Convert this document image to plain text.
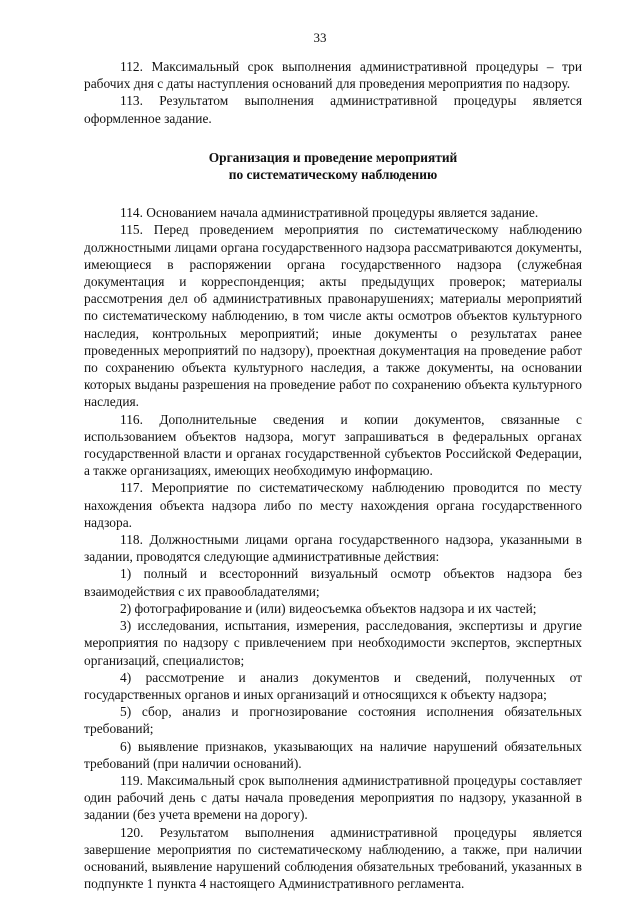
33

112. Максимальный срок выполнения административной процедуры – три рабочих дня с даты наступления оснований для проведения мероприятия по надзору.

113. Результатом выполнения административной процедуры является оформленное задание.

Организация и проведение мероприятий
по систематическому наблюдению

114. Основанием начала административной процедуры является задание.

115. Перед проведением мероприятия по систематическому наблюдению должностными лицами органа государственного надзора рассматриваются документы, имеющиеся в распоряжении органа государственного надзора (служебная документация и корреспонденция; акты предыдущих проверок; материалы рассмотрения дел об административных правонарушениях; материалы мероприятий по систематическому наблюдению, в том числе акты осмотров объектов культурного наследия, контрольных мероприятий; иные документы о результатах ранее проведенных мероприятий по надзору), проектная документация на проведение работ по сохранению объекта культурного наследия, а также документы, на основании которых выданы разрешения на проведение работ по сохранению объекта культурного наследия.

116. Дополнительные сведения и копии документов, связанные с использованием объектов надзора, могут запрашиваться в федеральных органах государственной власти и органах государственной субъектов Российской Федерации, а также организациях, имеющих необходимую информацию.

117. Мероприятие по систематическому наблюдению проводится по месту нахождения объекта надзора либо по месту нахождения органа государственного надзора.

118. Должностными лицами органа государственного надзора, указанными в задании, проводятся следующие административные действия:

1) полный и всесторонний визуальный осмотр объектов надзора без взаимодействия с их правообладателями;

2) фотографирование и (или) видеосъемка объектов надзора и их частей;

3) исследования, испытания, измерения, расследования, экспертизы и другие мероприятия по надзору с привлечением при необходимости экспертов, экспертных организаций, специалистов;

4) рассмотрение и анализ документов и сведений, полученных от государственных органов и иных организаций и относящихся к объекту надзора;

5) сбор, анализ и прогнозирование состояния исполнения обязательных требований;

6) выявление признаков, указывающих на наличие нарушений обязательных требований (при наличии оснований).

119. Максимальный срок выполнения административной процедуры составляет один рабочий день с даты начала проведения мероприятия по надзору, указанной в задании (без учета времени на дорогу).

120. Результатом выполнения административной процедуры является завершение мероприятия по систематическому наблюдению, а также, при наличии оснований, выявление нарушений соблюдения обязательных требований, указанных в подпункте 1 пункта 4 настоящего Административного регламента.
